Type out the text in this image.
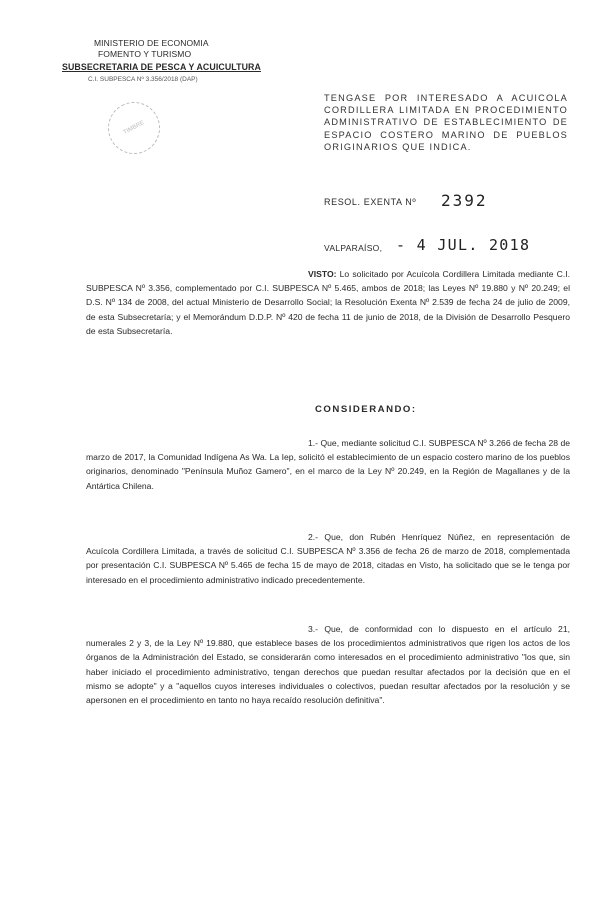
MINISTERIO DE ECONOMIA
FOMENTO Y TURISMO
SUBSECRETARIA DE PESCA Y ACUICULTURA
C.I. SUBPESCA Nº 3.356/2018 (DAP)
TIMBRE
TENGASE POR INTERESADO A ACUICOLA CORDILLERA LIMITADA EN PROCEDIMIENTO ADMINISTRATIVO DE ESTABLECIMIENTO DE ESPACIO COSTERO MARINO DE PUEBLOS ORIGINARIOS QUE INDICA.
RESOL. EXENTA Nº 2392
VALPARAÍSO, - 4 JUL. 2018
VISTO: Lo solicitado por Acuícola Cordillera Limitada mediante C.I. SUBPESCA Nº 3.356, complementado por C.I. SUBPESCA Nº 5.465, ambos de 2018; las Leyes Nº 19.880 y Nº 20.249; el D.S. Nº 134 de 2008, del actual Ministerio de Desarrollo Social; la Resolución Exenta Nº 2.539 de fecha 24 de julio de 2009, de esta Subsecretaría; y el Memorándum D.D.P. Nº 420 de fecha 11 de junio de 2018, de la División de Desarrollo Pesquero de esta Subsecretaría.
CONSIDERANDO:
1.- Que, mediante solicitud C.I. SUBPESCA Nº 3.266 de fecha 28 de marzo de 2017, la Comunidad Indígena As Wa. La Iep, solicitó el establecimiento de un espacio costero marino de los pueblos originarios, denominado "Península Muñoz Gamero", en el marco de la Ley Nº 20.249, en la Región de Magallanes y de la Antártica Chilena.
2.- Que, don Rubén Henríquez Núñez, en representación de Acuícola Cordillera Limitada, a través de solicitud C.I. SUBPESCA Nº 3.356 de fecha 26 de marzo de 2018, complementada por presentación C.I. SUBPESCA Nº 5.465 de fecha 15 de mayo de 2018, citadas en Visto, ha solicitado que se le tenga por interesado en el procedimiento administrativo indicado precedentemente.
3.- Que, de conformidad con lo dispuesto en el artículo 21, numerales 2 y 3, de la Ley Nº 19.880, que establece bases de los procedimientos administrativos que rigen los actos de los órganos de la Administración del Estado, se considerarán como interesados en el procedimiento administrativo "los que, sin haber iniciado el procedimiento administrativo, tengan derechos que puedan resultar afectados por la decisión que en el mismo se adopte" y a "aquellos cuyos intereses individuales o colectivos, puedan resultar afectados por la resolución y se apersonen en el procedimiento en tanto no haya recaído resolución definitiva".
